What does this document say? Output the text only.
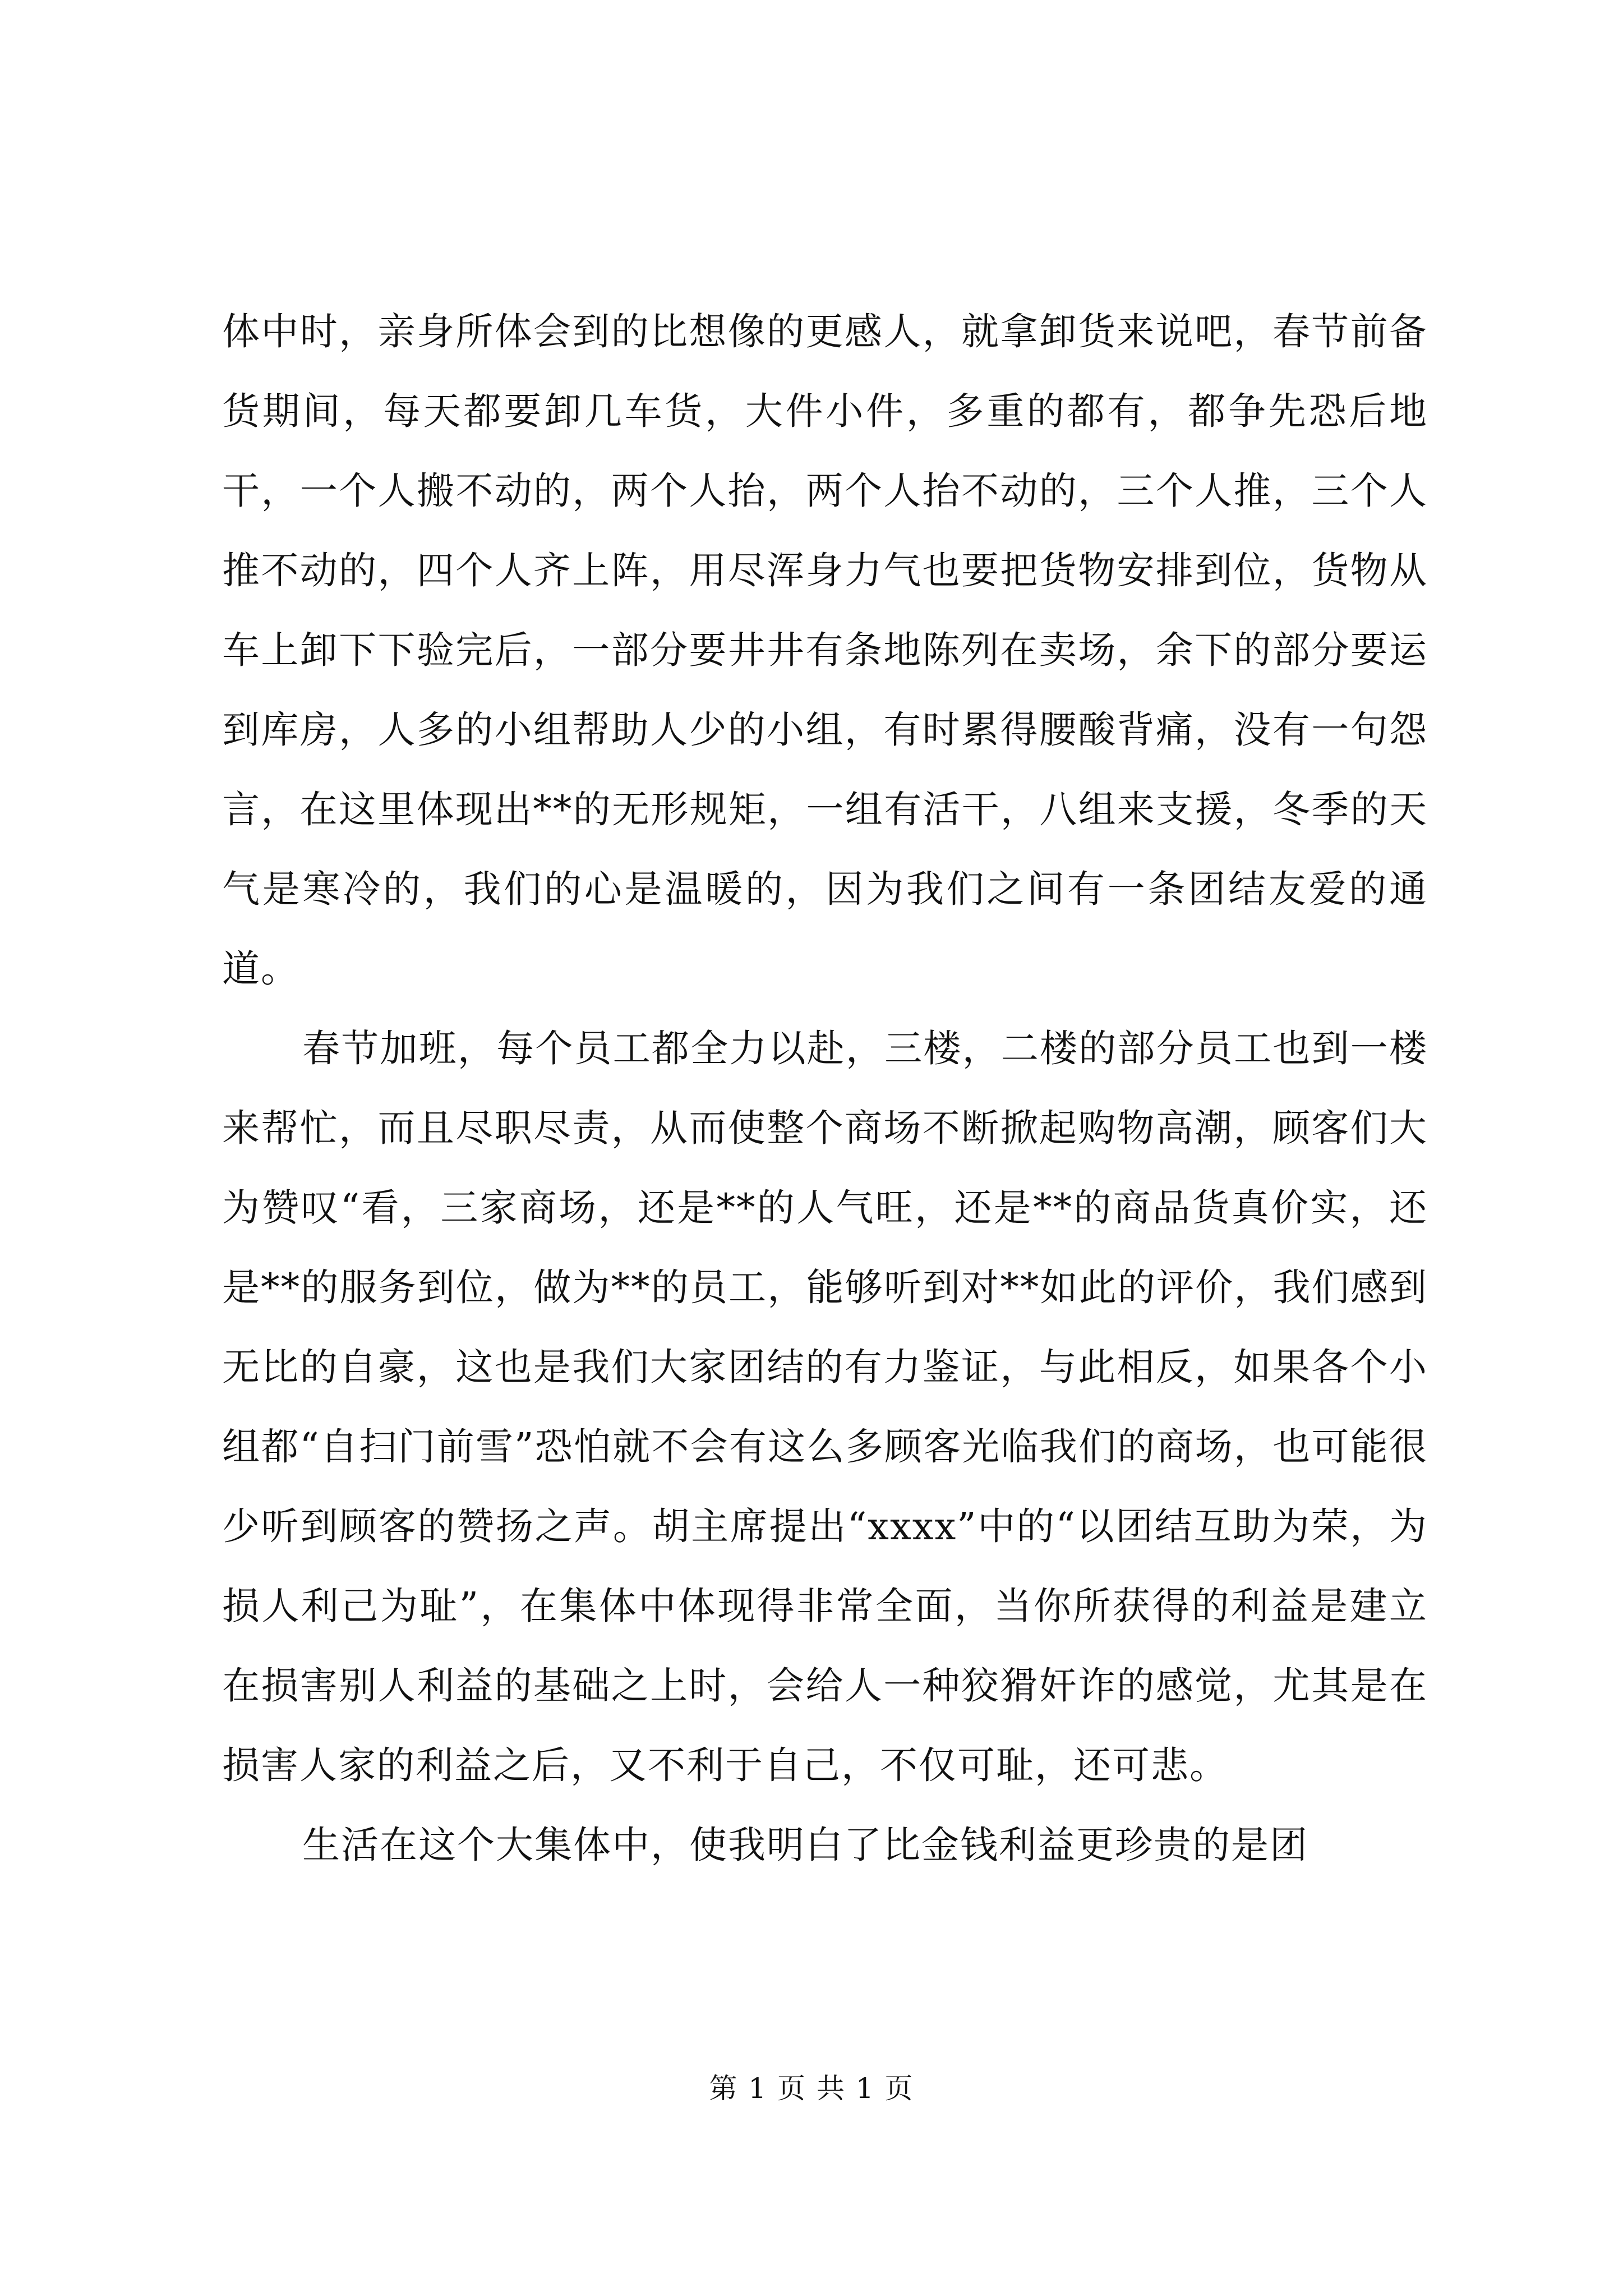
体中时，亲身所体会到的比想像的更感人，就拿卸货来说吧，春节前备货期间，每天都要卸几车货，大件小件，多重的都有，都争先恐后地干，一个人搬不动的，两个人抬，两个人抬不动的，三个人推，三个人推不动的，四个人齐上阵，用尽浑身力气也要把货物安排到位，货物从车上卸下下验完后，一部分要井井有条地陈列在卖场，余下的部分要运到库房，人多的小组帮助人少的小组，有时累得腰酸背痛，没有一句怨言，在这里体现出**的无形规矩，一组有活干，八组来支援，冬季的天气是寒冷的，我们的心是温暖的，因为我们之间有一条团结友爱的通道。

春节加班，每个员工都全力以赴，三楼，二楼的部分员工也到一楼来帮忙，而且尽职尽责，从而使整个商场不断掀起购物高潮，顾客们大为赞叹“看，三家商场，还是**的人气旺，还是**的商品货真价实，还是**的服务到位，做为**的员工，能够听到对**如此的评价，我们感到无比的自豪，这也是我们大家团结的有力鉴证，与此相反，如果各个小组都“自扫门前雪”恐怕就不会有这么多顾客光临我们的商场，也可能很少听到顾客的赞扬之声。胡主席提出“xxxx”中的“以团结互助为荣，为损人利己为耻”，在集体中体现得非常全面，当你所获得的利益是建立在损害别人利益的基础之上时，会给人一种狡猾奸诈的感觉，尤其是在损害人家的利益之后，又不利于自己，不仅可耻，还可悲。

生活在这个大集体中，使我明白了比金钱利益更珍贵的是团

第 1 页 共 1 页
